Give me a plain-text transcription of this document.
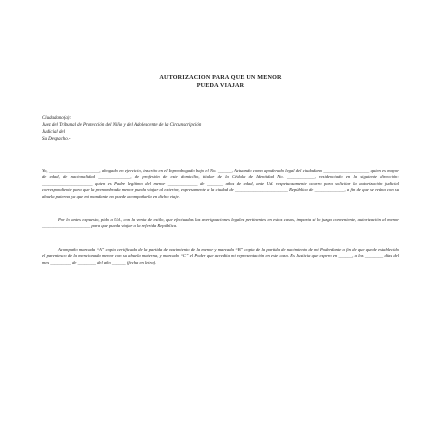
AUTORIZACION PARA QUE UN MENOR
PUEDA VIAJAR
Ciudadano(a):
Juez del Tribunal de Protección del Niño y del Adolescente de la Circunscripción
Judicial del
Su Despacho.-

Yo, ______________________, abogado en ejercicio, inscrito en el Inpreabogado bajo el No. ______, Actuando como apoderado legal del ciudadano ____________________ quien es mayor de edad, de nacionalidad ______________, de profesión de este domicilio, titular de la Cédula de Identidad No. ____________, residenciado en la siguiente dirección: ______________________ quien es Padre legítimo del menor _____________ de _______ años de edad, ante Ud. respetuosamente ocurro para solicitar la autorización judicial correspondiente para que la prenombrada menor pueda viajar al exterior, expresamente a la ciudad de _______________________ República de _____________, a fin de que se reúna con su abuela paterna ya que mi mandante no puede acompañarla en dicho viaje.

Por lo antes expuesto, pido a Ud., con la venia de estilo, que efectuadas las averiguaciones legales pertinentes en estos casos, imparta si lo juzga conveniente, autorización al menor _____________________ para que pueda viajar a la referida República.

Acompaño marcada “A” copia certificada de la partida de nacimiento de la menor y marcada “B” copia de la partida de nacimiento de mi Poderdante a fin de que quede establecido el parentesco de la mencionada menor con su abuela materna, y marcado “C” el Poder que acredita mi representación en este caso. Es Justicia que espero en ______, a los ________ días del mes _________ de ________ del año ______ (fecha en letra).
